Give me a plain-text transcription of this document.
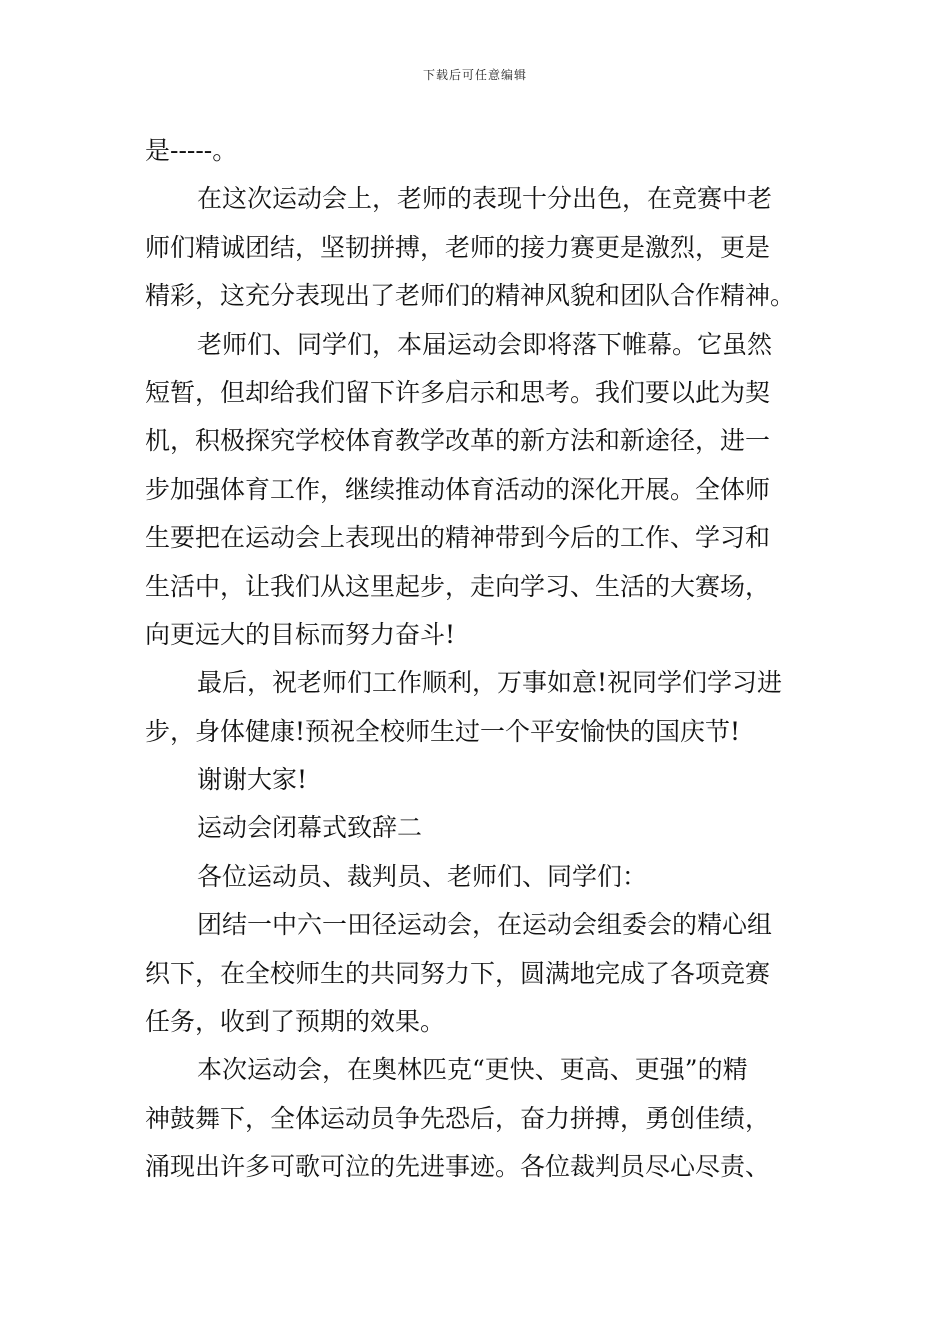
下载后可任意编辑
是-----。
在这次运动会上，老师的表现十分出色，在竞赛中老
师们精诚团结，坚韧拼搏，老师的接力赛更是激烈，更是
精彩，这充分表现出了老师们的精神风貌和团队合作精神。
老师们、同学们，本届运动会即将落下帷幕。它虽然
短暂，但却给我们留下许多启示和思考。我们要以此为契
机，积极探究学校体育教学改革的新方法和新途径，进一
步加强体育工作，继续推动体育活动的深化开展。全体师
生要把在运动会上表现出的精神带到今后的工作、学习和
生活中，让我们从这里起步，走向学习、生活的大赛场，
向更远大的目标而努力奋斗!
最后，祝老师们工作顺利，万事如意!祝同学们学习进
步，身体健康!预祝全校师生过一个平安愉快的国庆节!
谢谢大家!
运动会闭幕式致辞二
各位运动员、裁判员、老师们、同学们：
团结一中六一田径运动会，在运动会组委会的精心组
织下，在全校师生的共同努力下，圆满地完成了各项竞赛
任务，收到了预期的效果。
本次运动会，在奥林匹克“更快、更高、更强”的精
神鼓舞下，全体运动员争先恐后，奋力拼搏，勇创佳绩，
涌现出许多可歌可泣的先进事迹。各位裁判员尽心尽责、
